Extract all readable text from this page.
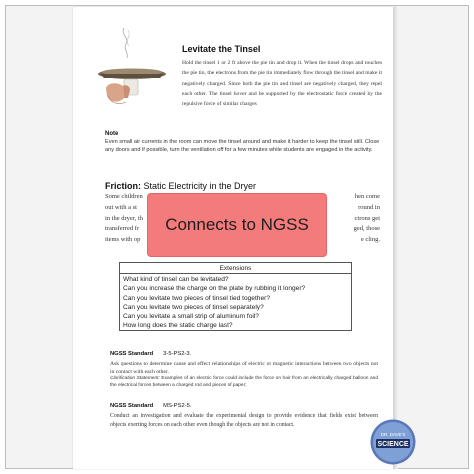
Levitate the Tinsel
Hold the tinsel 1 or 2 ft above the pie tin and drop it. When the tinsel drops and touches the pie tin, the electrons from the pie tin immediately flow through the tinsel and make it negatively charged. Since both the pie tin and tinsel are negatively charged, they repel each other. The tinsel hover and be supported by the electrostatic force created by the repulsive force of similar charges
Note
Even small air currents in the room can move the tinsel around and make it harder to keep the tinsel still. Close any doors and if possible, turn the ventilation off for a few minutes while students are engaged in the activity.
Friction: Static Electricity in the Dryer
Some children	hen come
out with a st	round in
in the dryer, th	ctrons get
transferred fr	ged, those
items with op	e cling.
Connects to NGSS
Extensions
What kind of tinsel can be levitated?
Can you increase the charge on the plate by rubbing it longer?
Can you levitate two pieces of tinsel tied together?
Can you levitate two pieces of tinsel separately?
Can you levitate a small strip of aluminum foil?
How long does the static charge last?
NGSS Standard 3-5-PS2-3.
Ask questions to determine cause and effect relationships of electric or magnetic interactions between two objects not in contact with each other.
Clarification Statement: Examples of an electric force could include the force on hair from an electrically charged balloon and the electrical forces between a charged rod and pieces of paper;
NGSS Standard MS-PS2-5.
Conduct an investigation and evaluate the experimental design to provide evidence that fields exist between objects exerting forces on each other even though the objects are not in contact.
DR. DAVE'S
SCIENCE
